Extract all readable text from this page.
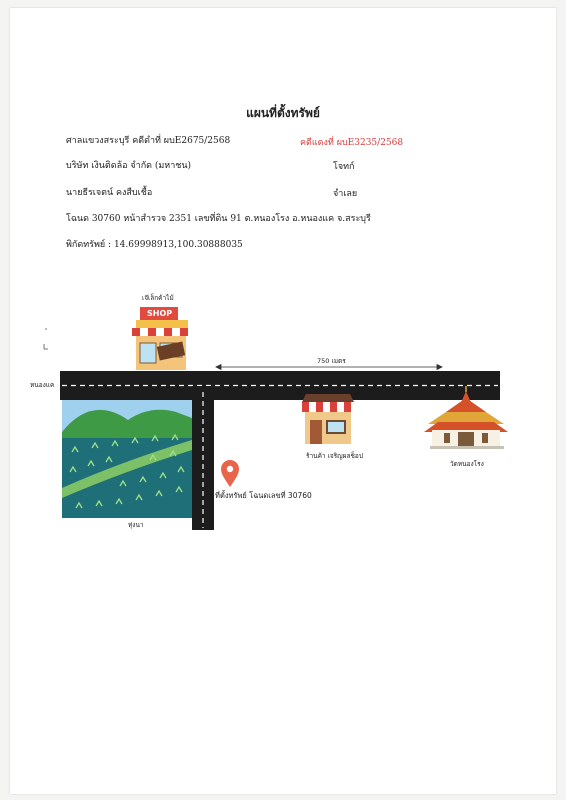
แผนที่ตั้งทรัพย์
ศาลแขวงสระบุรี คดีดำที่ ผบE2675/2568	คดีแดงที่ ผบE3235/2568
บริษัท เงินติดล้อ จำกัด (มหาชน)	โจทก์
นายธีรเจตน์ คงสืบเชื้อ	จำเลย
โฉนด 30760 หน้าสำรวจ 2351 เลขที่ดิน 91 ต.หนองโรง อ.หนองแค จ.สระบุรี
พิกัดทรัพย์ : 14.69998913,100.30888035
เจ๊เล็กค้าไม้
SHOP
750 เมตร
หนองแค
ร้านค้า เจริญผลช็อป
วัดหนองโรง
ทุ่งนา
ที่ตั้งทรัพย์ โฉนดเลขที่ 30760
